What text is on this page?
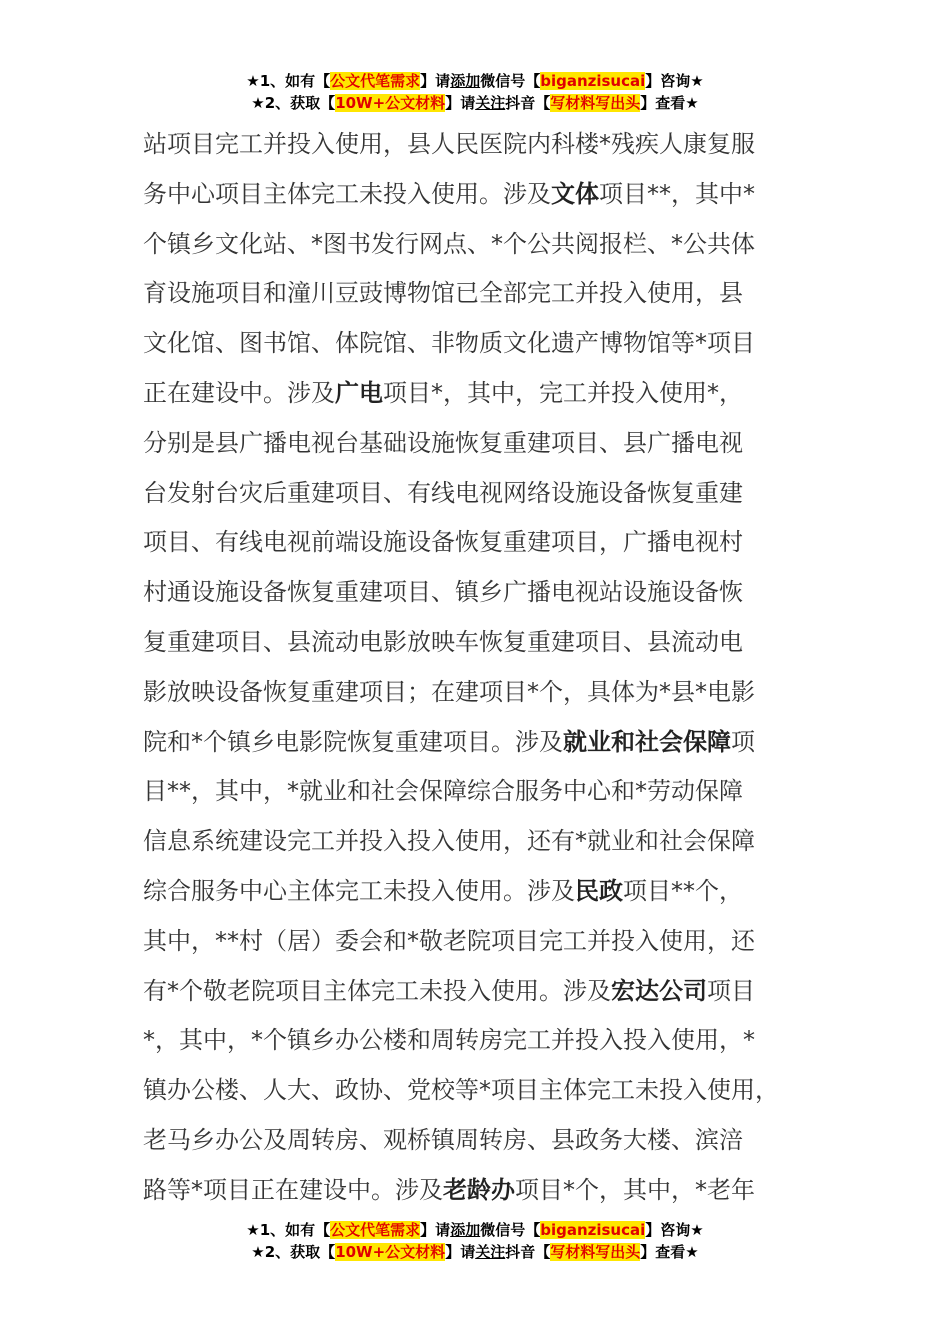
★1、如有【公文代笔需求】请添加微信号【biganzisucai】咨询★
★2、获取【10W+公文材料】请关注抖音【写材料写出头】查看★
站项目完工并投入使用，县人民医院内科楼*残疾人康复服
务中心项目主体完工未投入使用。涉及文体项目**，其中*
个镇乡文化站、*图书发行网点、*个公共阅报栏、*公共体
育设施项目和潼川豆豉博物馆已全部完工并投入使用，县
文化馆、图书馆、体院馆、非物质文化遗产博物馆等*项目
正在建设中。涉及广电项目*，其中，完工并投入使用*，
分别是县广播电视台基础设施恢复重建项目、县广播电视
台发射台灾后重建项目、有线电视网络设施设备恢复重建
项目、有线电视前端设施设备恢复重建项目，广播电视村
村通设施设备恢复重建项目、镇乡广播电视站设施设备恢
复重建项目、县流动电影放映车恢复重建项目、县流动电
影放映设备恢复重建项目；在建项目*个，具体为*县*电影
院和*个镇乡电影院恢复重建项目。涉及就业和社会保障项
目**，其中，*就业和社会保障综合服务中心和*劳动保障
信息系统建设完工并投入投入使用，还有*就业和社会保障
综合服务中心主体完工未投入使用。涉及民政项目**个，
其中，**村（居）委会和*敬老院项目完工并投入使用，还
有*个敬老院项目主体完工未投入使用。涉及宏达公司项目
*，其中，*个镇乡办公楼和周转房完工并投入投入使用，*
镇办公楼、人大、政协、党校等*项目主体完工未投入使用，
老马乡办公及周转房、观桥镇周转房、县政务大楼、滨涪
路等*项目正在建设中。涉及老龄办项目*个，其中，*老年
★1、如有【公文代笔需求】请添加微信号【biganzisucai】咨询★
★2、获取【10W+公文材料】请关注抖音【写材料写出头】查看★
